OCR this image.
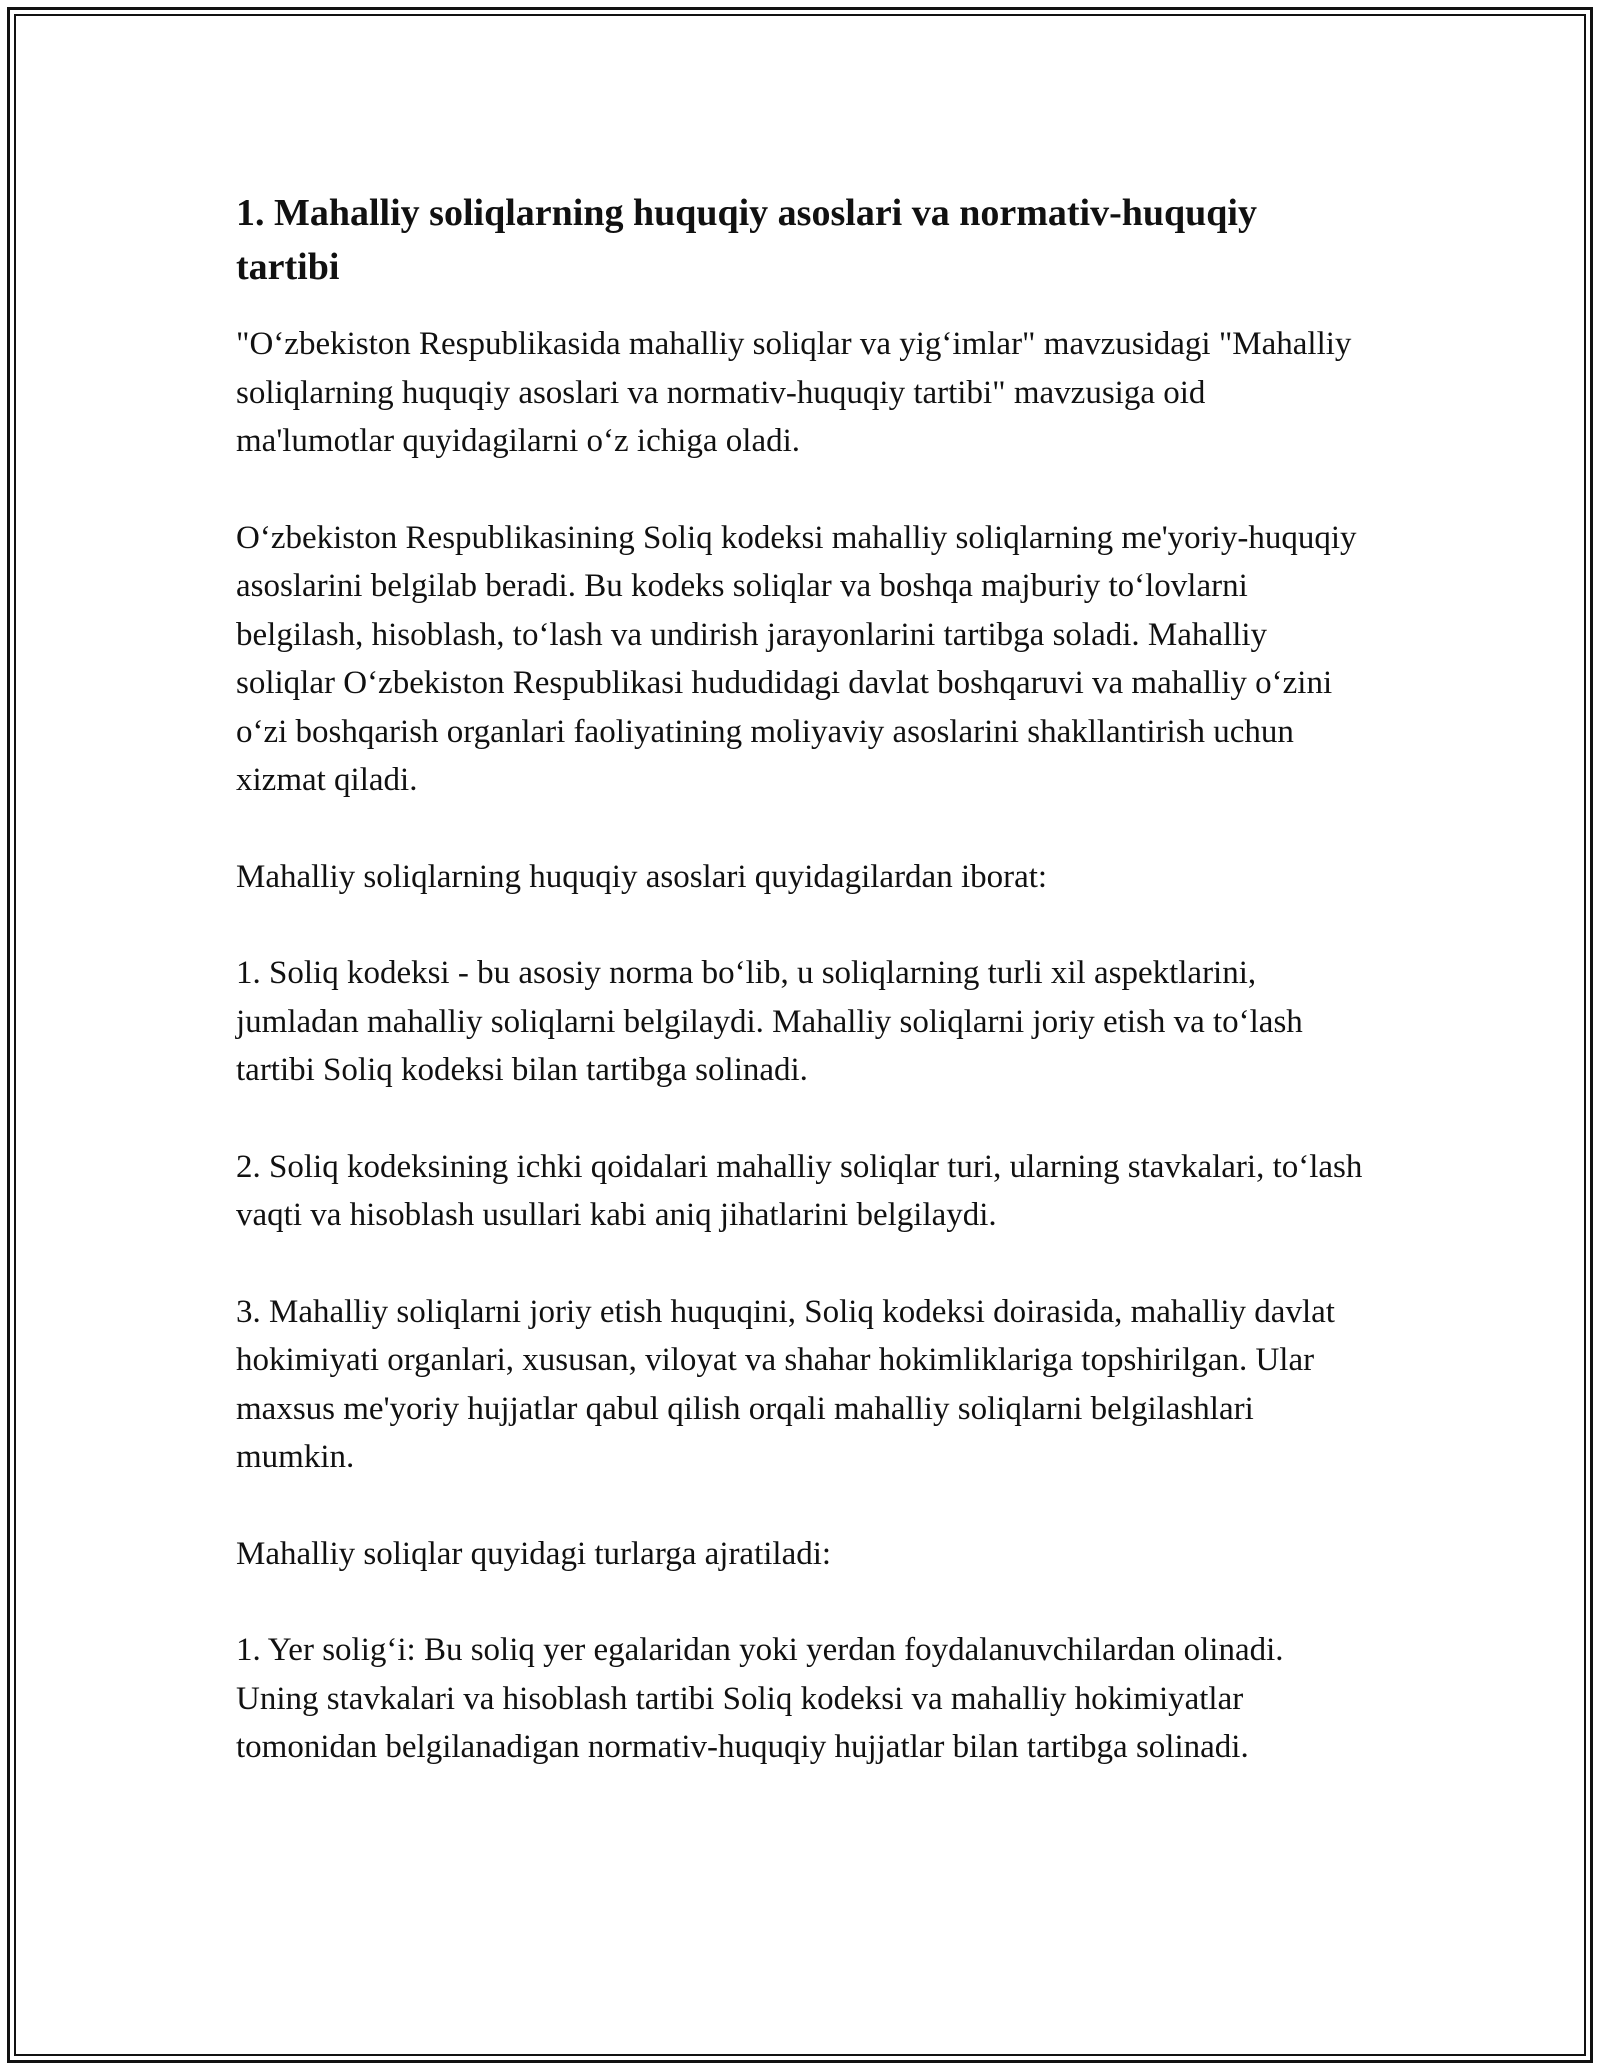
1. Mahalliy soliqlarning huquqiy asoslari va normativ-huquqiy tartibi

"Oʻzbekiston Respublikasida mahalliy soliqlar va yigʻimlar" mavzusidagi "Mahalliy soliqlarning huquqiy asoslari va normativ-huquqiy tartibi" mavzusiga oid ma'lumotlar quyidagilarni oʻz ichiga oladi.

Oʻzbekiston Respublikasining Soliq kodeksi mahalliy soliqlarning me'yoriy-huquqiy asoslarini belgilab beradi. Bu kodeks soliqlar va boshqa majburiy toʻlovlarni belgilash, hisoblash, toʻlash va undirish jarayonlarini tartibga soladi. Mahalliy soliqlar Oʻzbekiston Respublikasi hududidagi davlat boshqaruvi va mahalliy oʻzini oʻzi boshqarish organlari faoliyatining moliyaviy asoslarini shakllantirish uchun xizmat qiladi.

Mahalliy soliqlarning huquqiy asoslari quyidagilardan iborat:

1. Soliq kodeksi - bu asosiy norma boʻlib, u soliqlarning turli xil aspektlarini, jumladan mahalliy soliqlarni belgilaydi. Mahalliy soliqlarni joriy etish va toʻlash tartibi Soliq kodeksi bilan tartibga solinadi.

2. Soliq kodeksining ichki qoidalari mahalliy soliqlar turi, ularning stavkalari, toʻlash vaqti va hisoblash usullari kabi aniq jihatlarini belgilaydi.

3. Mahalliy soliqlarni joriy etish huquqini, Soliq kodeksi doirasida, mahalliy davlat hokimiyati organlari, xususan, viloyat va shahar hokimliklariga topshirilgan. Ular maxsus me'yoriy hujjatlar qabul qilish orqali mahalliy soliqlarni belgilashlari mumkin.

Mahalliy soliqlar quyidagi turlarga ajratiladi:

1. Yer soligʻi: Bu soliq yer egalaridan yoki yerdan foydalanuvchilardan olinadi. Uning stavkalari va hisoblash tartibi Soliq kodeksi va mahalliy hokimiyatlar tomonidan belgilanadigan normativ-huquqiy hujjatlar bilan tartibga solinadi.
